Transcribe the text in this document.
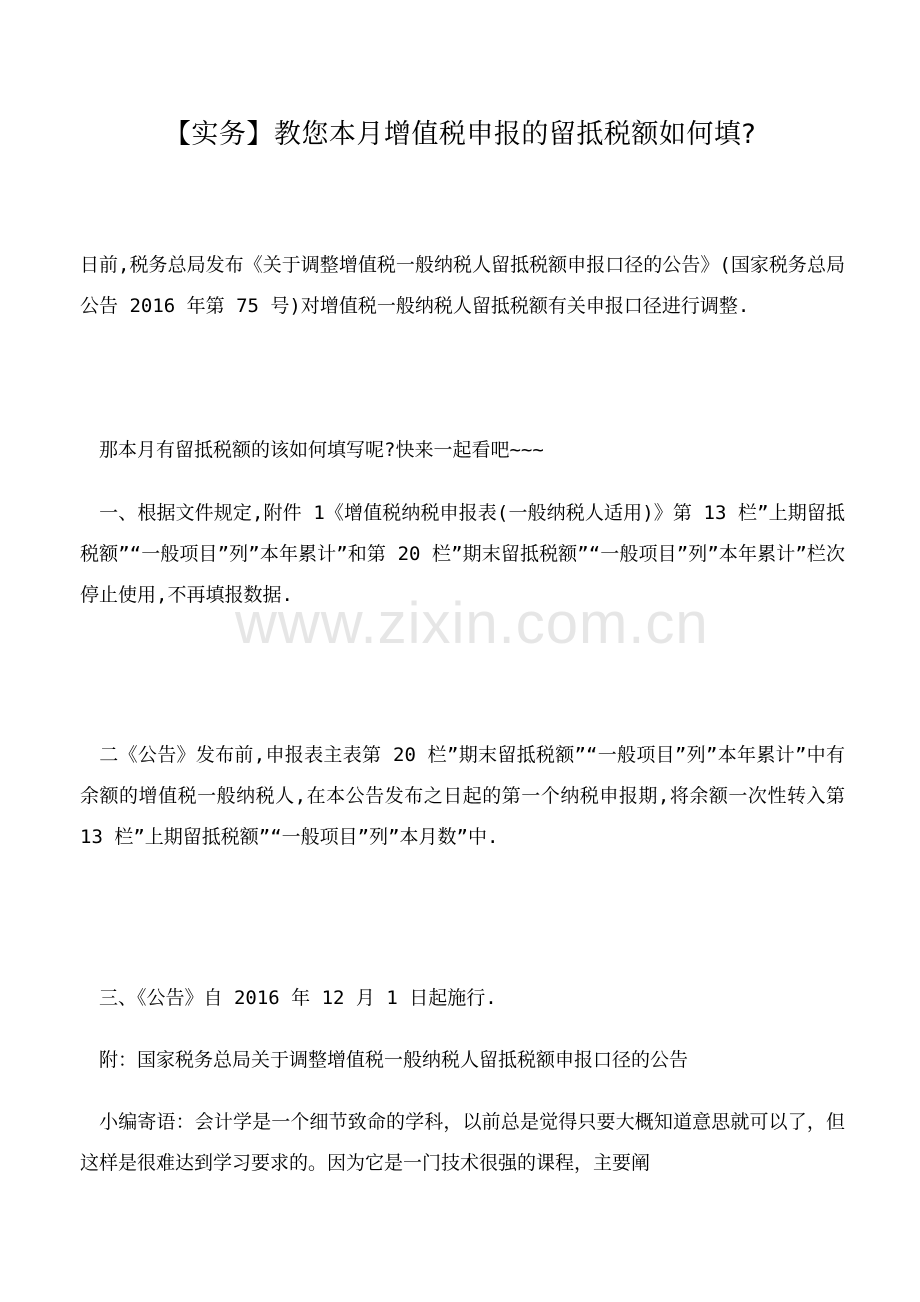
www.zixin.com.cn
【实务】教您本月增值税申报的留抵税额如何填?

日前,税务总局发布《关于调整增值税一般纳税人留抵税额申报口径的公告》(国家税务总局公告 2016 年第 75 号)对增值税一般纳税人留抵税额有关申报口径进行调整.

　那本月有留抵税额的该如何填写呢?快来一起看吧~~~

　一、根据文件规定,附件 1《增值税纳税申报表(一般纳税人适用)》第 13 栏”上期留抵税额”“一般项目”列”本年累计”和第 20 栏”期末留抵税额”“一般项目”列”本年累计”栏次停止使用,不再填报数据.

　二《公告》发布前,申报表主表第 20 栏”期末留抵税额”“一般项目”列”本年累计”中有余额的增值税一般纳税人,在本公告发布之日起的第一个纳税申报期,将余额一次性转入第 13 栏”上期留抵税额”“一般项目”列”本月数”中.

　三、《公告》自 2016 年 12 月 1 日起施行.

　附：国家税务总局关于调整增值税一般纳税人留抵税额申报口径的公告

　小编寄语：会计学是一个细节致命的学科，以前总是觉得只要大概知道意思就可以了，但这样是很难达到学习要求的。因为它是一门技术很强的课程，主要阐
